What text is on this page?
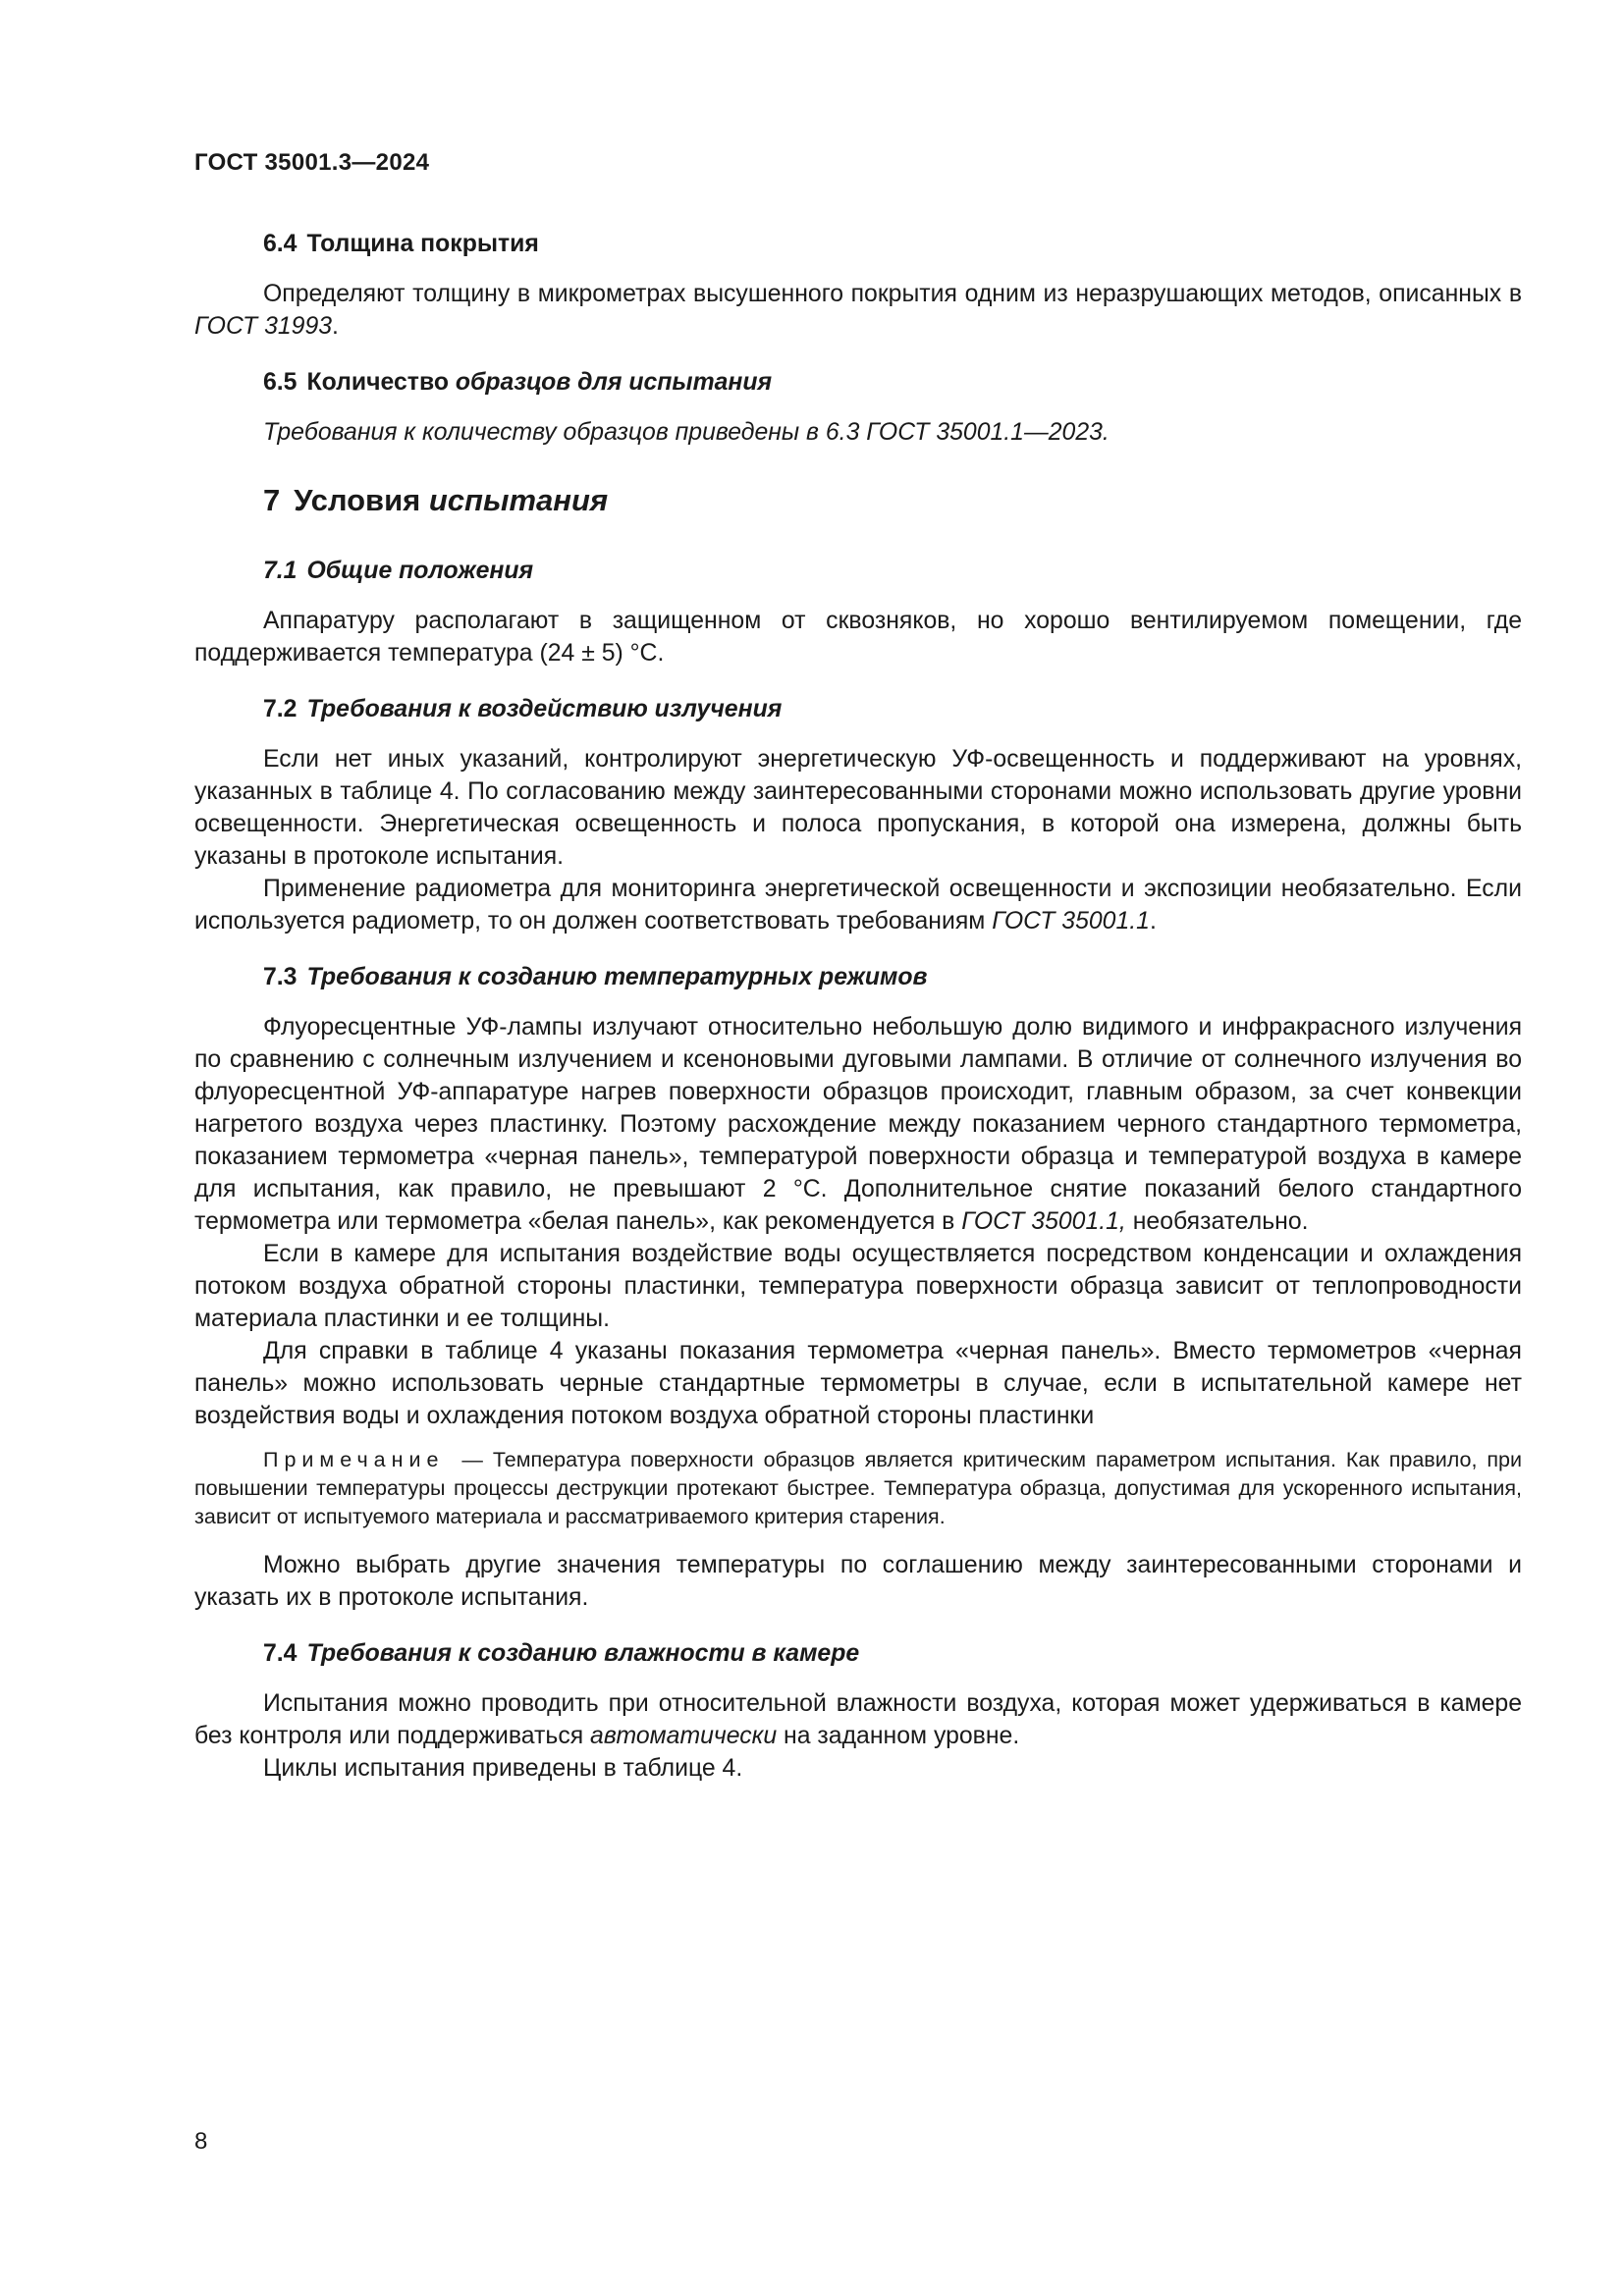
ГОСТ 35001.3—2024
6.4 Толщина покрытия

Определяют толщину в микрометрах высушенного покрытия одним из неразрушающих методов, описанных в ГОСТ 31993.

6.5 Количество образцов для испытания

Требования к количеству образцов приведены в 6.3 ГОСТ 35001.1—2023.

7 Условия испытания
7.1 Общие положения

Аппаратуру располагают в защищенном от сквозняков, но хорошо вентилируемом помещении, где поддерживается температура (24 ± 5) °C.

7.2 Требования к воздействию излучения

Если нет иных указаний, контролируют энергетическую УФ-освещенность и поддерживают на уровнях, указанных в таблице 4. По согласованию между заинтересованными сторонами можно использовать другие уровни освещенности. Энергетическая освещенность и полоса пропускания, в которой она измерена, должны быть указаны в протоколе испытания.

Применение радиометра для мониторинга энергетической освещенности и экспозиции необязательно. Если используется радиометр, то он должен соответствовать требованиям ГОСТ 35001.1.

7.3 Требования к созданию температурных режимов

Флуоресцентные УФ-лампы излучают относительно небольшую долю видимого и инфракрасного излучения по сравнению с солнечным излучением и ксеноновыми дуговыми лампами. В отличие от солнечного излучения во флуоресцентной УФ-аппаратуре нагрев поверхности образцов происходит, главным образом, за счет конвекции нагретого воздуха через пластинку. Поэтому расхождение между показанием черного стандартного термометра, показанием термометра «черная панель», температурой поверхности образца и температурой воздуха в камере для испытания, как правило, не превышают 2 °C. Дополнительное снятие показаний белого стандартного термометра или термометра «белая панель», как рекомендуется в ГОСТ 35001.1, необязательно.

Если в камере для испытания воздействие воды осуществляется посредством конденсации и охлаждения потоком воздуха обратной стороны пластинки, температура поверхности образца зависит от теплопроводности материала пластинки и ее толщины.

Для справки в таблице 4 указаны показания термометра «черная панель». Вместо термометров «черная панель» можно использовать черные стандартные термометры в случае, если в испытательной камере нет воздействия воды и охлаждения потоком воздуха обратной стороны пластинки

Примечание — Температура поверхности образцов является критическим параметром испытания. Как правило, при повышении температуры процессы деструкции протекают быстрее. Температура образца, допустимая для ускоренного испытания, зависит от испытуемого материала и рассматриваемого критерия старения.

Можно выбрать другие значения температуры по соглашению между заинтересованными сторонами и указать их в протоколе испытания.

7.4 Требования к созданию влажности в камере

Испытания можно проводить при относительной влажности воздуха, которая может удерживаться в камере без контроля или поддерживаться автоматически на заданном уровне.

Циклы испытания приведены в таблице 4.

8
